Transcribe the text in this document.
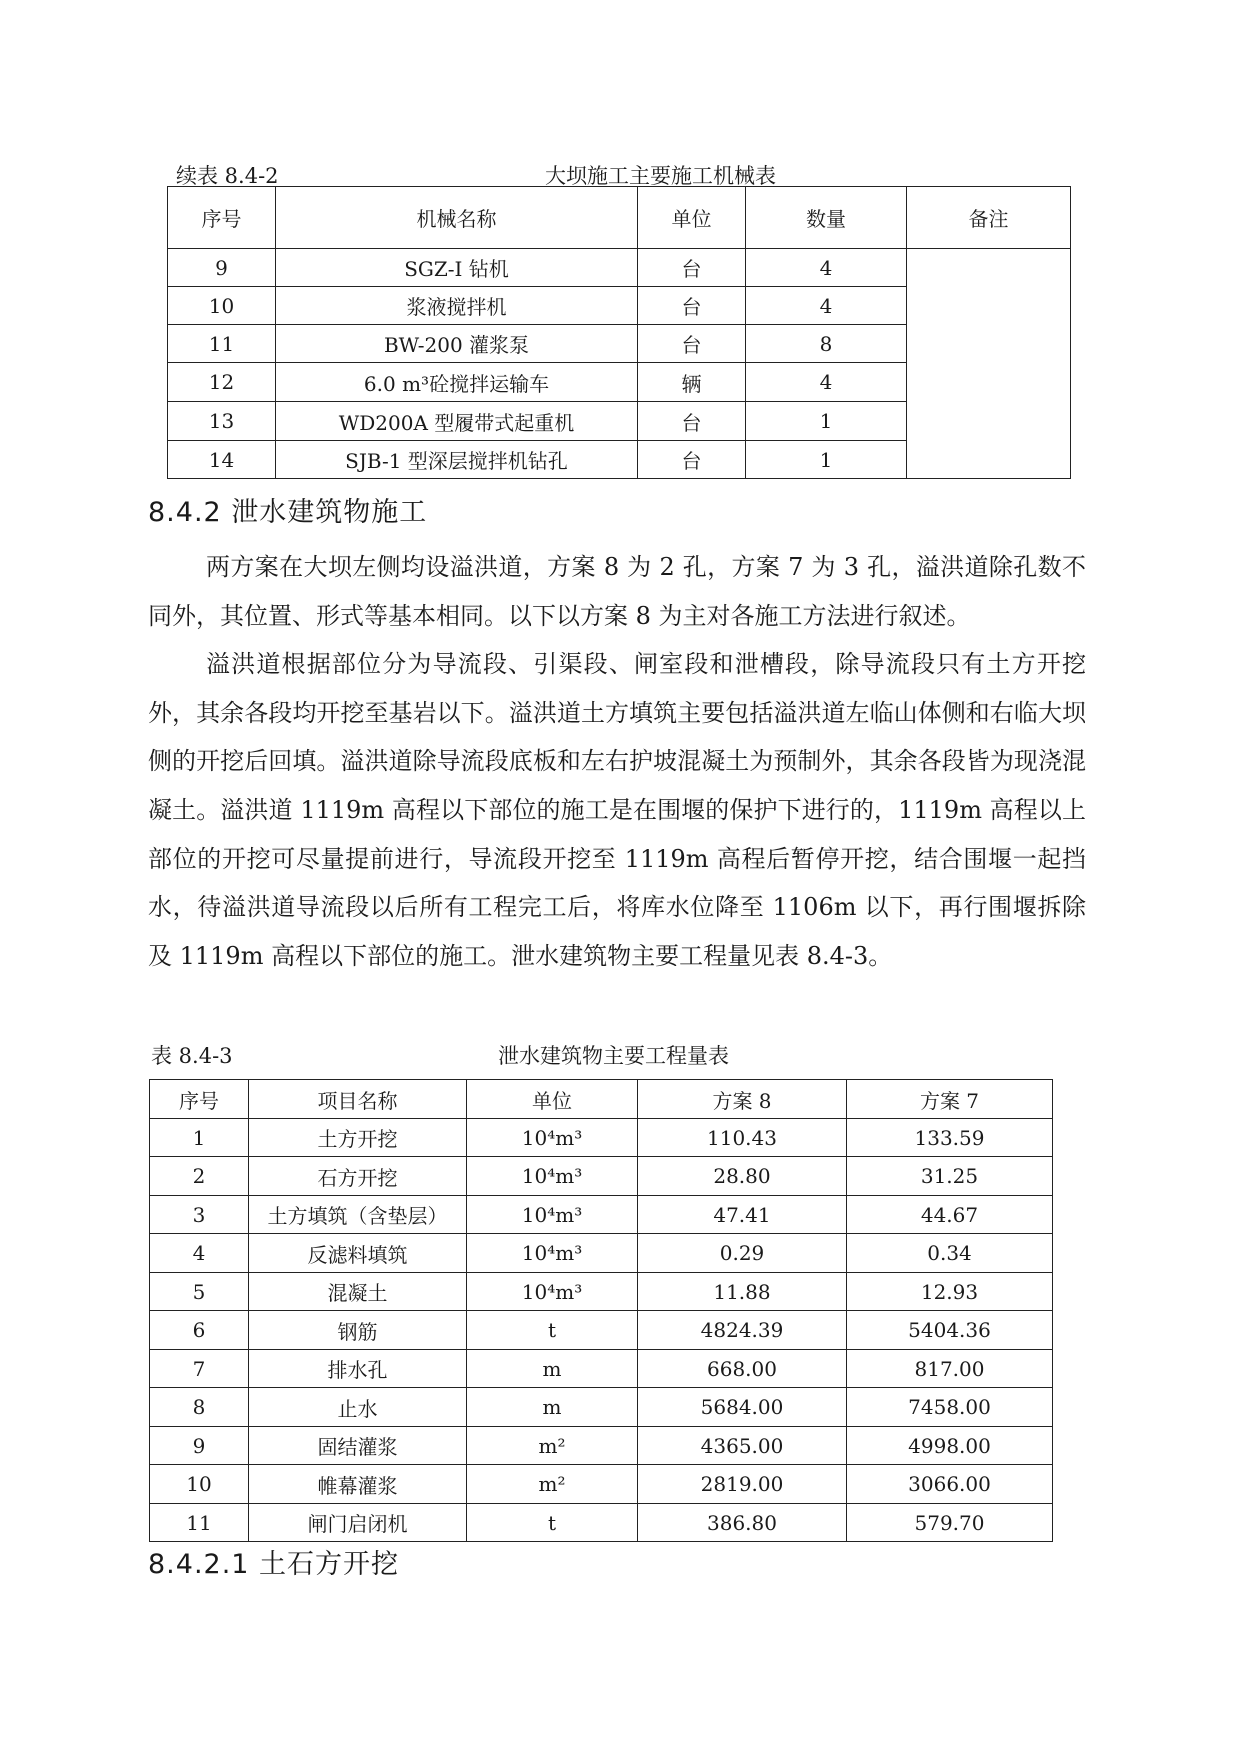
续表 8.4-2	大坝施工主要施工机械表
序号	机械名称	单位	数量	备注
9	SGZ-I 钻机	台	4	
10	浆液搅拌机	台	4	
11	BW-200 灌浆泵	台	8	
12	6.0 m³砼搅拌运输车	辆	4	
13	WD200A 型履带式起重机	台	1	
14	SJB-1 型深层搅拌机钻孔	台	1	
8.4.2 泄水建筑物施工

两方案在大坝左侧均设溢洪道，方案 8 为 2 孔，方案 7 为 3 孔，溢洪道除孔数不同外，其位置、形式等基本相同。以下以方案 8 为主对各施工方法进行叙述。

溢洪道根据部位分为导流段、引渠段、闸室段和泄槽段，除导流段只有土方开挖外，其余各段均开挖至基岩以下。溢洪道土方填筑主要包括溢洪道左临山体侧和右临大坝侧的开挖后回填。溢洪道除导流段底板和左右护坡混凝土为预制外，其余各段皆为现浇混凝土。溢洪道 1119m 高程以下部位的施工是在围堰的保护下进行的，1119m 高程以上部位的开挖可尽量提前进行，导流段开挖至 1119m 高程后暂停开挖，结合围堰一起挡水，待溢洪道导流段以后所有工程完工后，将库水位降至 1106m 以下，再行围堰拆除及 1119m 高程以下部位的施工。泄水建筑物主要工程量见表 8.4-3。

表 8.4-3	泄水建筑物主要工程量表
序号	项目名称	单位	方案 8	方案 7
1	土方开挖	10⁴m³	110.43	133.59
2	石方开挖	10⁴m³	28.80	31.25
3	土方填筑（含垫层）	10⁴m³	47.41	44.67
4	反滤料填筑	10⁴m³	0.29	0.34
5	混凝土	10⁴m³	11.88	12.93
6	钢筋	t	4824.39	5404.36
7	排水孔	m	668.00	817.00
8	止水	m	5684.00	7458.00
9	固结灌浆	m²	4365.00	4998.00
10	帷幕灌浆	m²	2819.00	3066.00
11	闸门启闭机	t	386.80	579.70
8.4.2.1 土石方开挖
